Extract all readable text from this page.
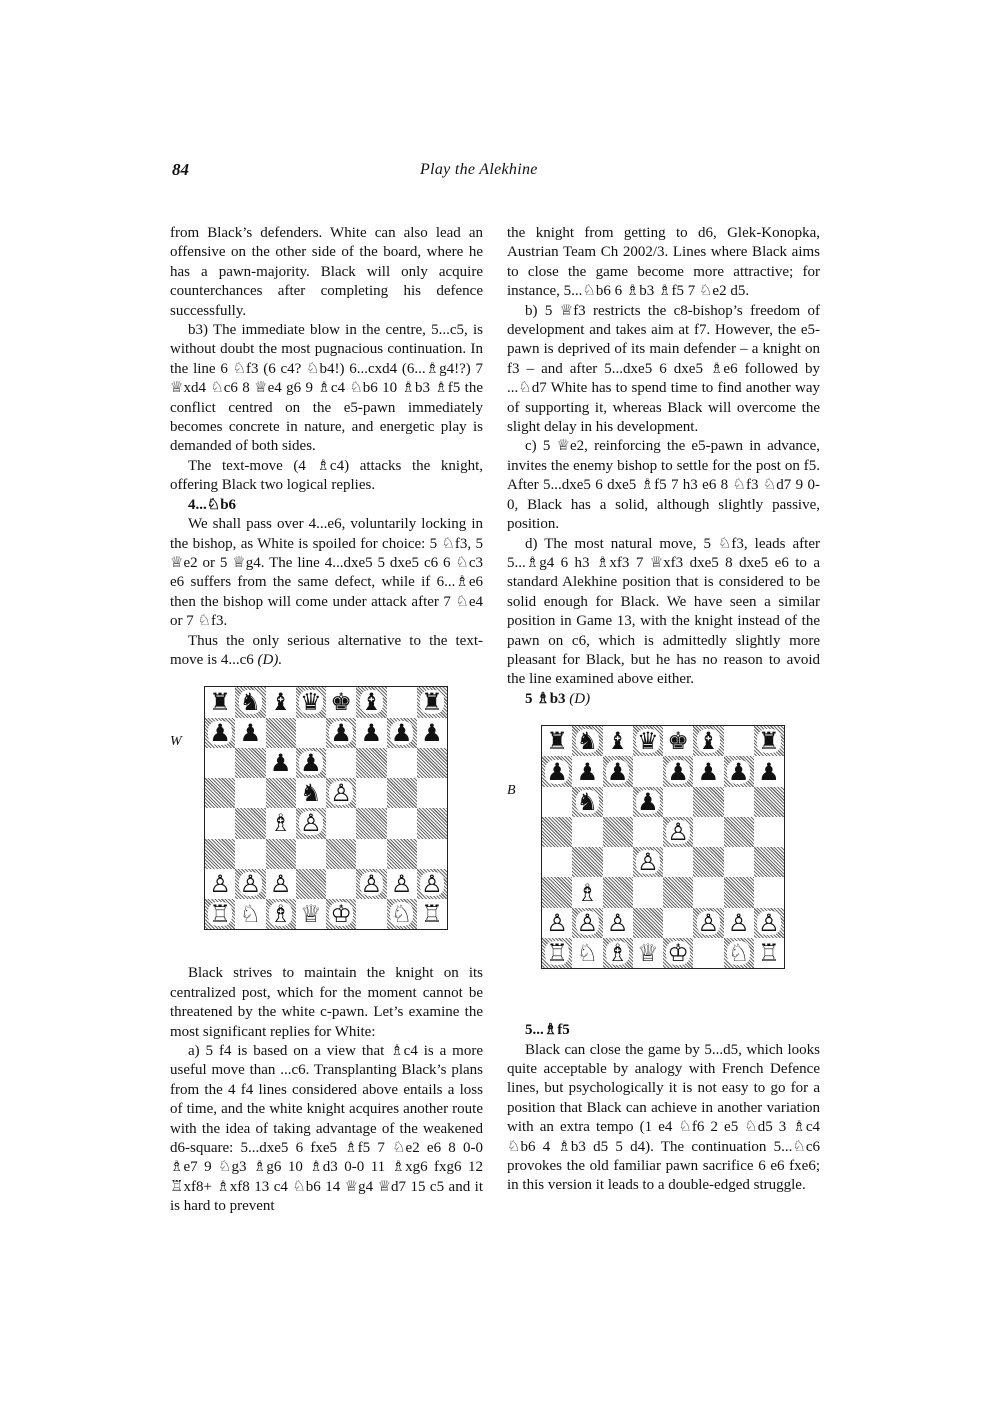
84	Play the Alekhine

from Black’s defenders. White can also lead an offensive on the other side of the board, where he has a pawn-majority. Black will only acquire counterchances after completing his defence successfully.

b3) The immediate blow in the centre, 5...c5, is without doubt the most pugnacious continuation. In the line 6 ♘f3 (6 c4? ♘b4!) 6...cxd4 (6...♗g4!?) 7 ♕xd4 ♘c6 8 ♕e4 g6 9 ♗c4 ♘b6 10 ♗b3 ♗f5 the conflict centred on the e5-pawn immediately becomes concrete in nature, and energetic play is demanded of both sides.

The text-move (4 ♗c4) attacks the knight, offering Black two logical replies.

4...♘b6

We shall pass over 4...e6, voluntarily locking in the bishop, as White is spoiled for choice: 5 ♘f3, 5 ♕e2 or 5 ♕g4. The line 4...dxe5 5 dxe5 c6 6 ♘c3 e6 suffers from the same defect, while if 6...♗e6 then the bishop will come under attack after 7 ♘e4 or 7 ♘f3.

Thus the only serious alternative to the text-move is 4...c6 (D).

W
♜ ♞ ♝ ♛ ♚ ♝ ♜
♟ ♟	♟ ♟ ♟ ♟
♟ ♟
♞ ♙
♗ ♙
♙ ♙ ♙	♙ ♙ ♙
♖ ♘ ♗ ♕ ♔ ♘ ♖

Black strives to maintain the knight on its centralized post, which for the moment cannot be threatened by the white c-pawn. Let’s examine the most significant replies for White:

a) 5 f4 is based on a view that ♗c4 is a more useful move than ...c6. Transplanting Black’s plans from the 4 f4 lines considered above entails a loss of time, and the white knight acquires another route with the idea of taking advantage of the weakened d6-square: 5...dxe5 6 fxe5 ♗f5 7 ♘e2 e6 8 0-0 ♗e7 9 ♘g3 ♗g6 10 ♗d3 0-0 11 ♗xg6 fxg6 12 ♖xf8+ ♗xf8 13 c4 ♘b6 14 ♕g4 ♕d7 15 c5 and it is hard to prevent

the knight from getting to d6, Glek-Konopka, Austrian Team Ch 2002/3. Lines where Black aims to close the game become more attractive; for instance, 5...♘b6 6 ♗b3 ♗f5 7 ♘e2 d5.

b) 5 ♕f3 restricts the c8-bishop’s freedom of development and takes aim at f7. However, the e5-pawn is deprived of its main defender – a knight on f3 – and after 5...dxe5 6 dxe5 ♗e6 followed by ...♘d7 White has to spend time to find another way of supporting it, whereas Black will overcome the slight delay in his development.

c) 5 ♕e2, reinforcing the e5-pawn in advance, invites the enemy bishop to settle for the post on f5. After 5...dxe5 6 dxe5 ♗f5 7 h3 e6 8 ♘f3 ♘d7 9 0-0, Black has a solid, although slightly passive, position.

d) The most natural move, 5 ♘f3, leads after 5...♗g4 6 h3 ♗xf3 7 ♕xf3 dxe5 8 dxe5 e6 to a standard Alekhine position that is considered to be solid enough for Black. We have seen a similar position in Game 13, with the knight instead of the pawn on c6, which is admittedly slightly more pleasant for Black, but he has no reason to avoid the line examined above either.

5 ♗b3 (D)

B
♜ ♞ ♝ ♛ ♚ ♝ ♜
♟ ♟ ♟ ♟ ♟ ♟ ♟
♞ ♟
♙
♙
♗
♙ ♙ ♙	♙ ♙ ♙
♖ ♘ ♗ ♕ ♔ ♘ ♖

5...♗f5

Black can close the game by 5...d5, which looks quite acceptable by analogy with French Defence lines, but psychologically it is not easy to go for a position that Black can achieve in another variation with an extra tempo (1 e4 ♘f6 2 e5 ♘d5 3 ♗c4 ♘b6 4 ♗b3 d5 5 d4). The continuation 5...♘c6 provokes the old familiar pawn sacrifice 6 e6 fxe6; in this version it leads to a double-edged struggle.
